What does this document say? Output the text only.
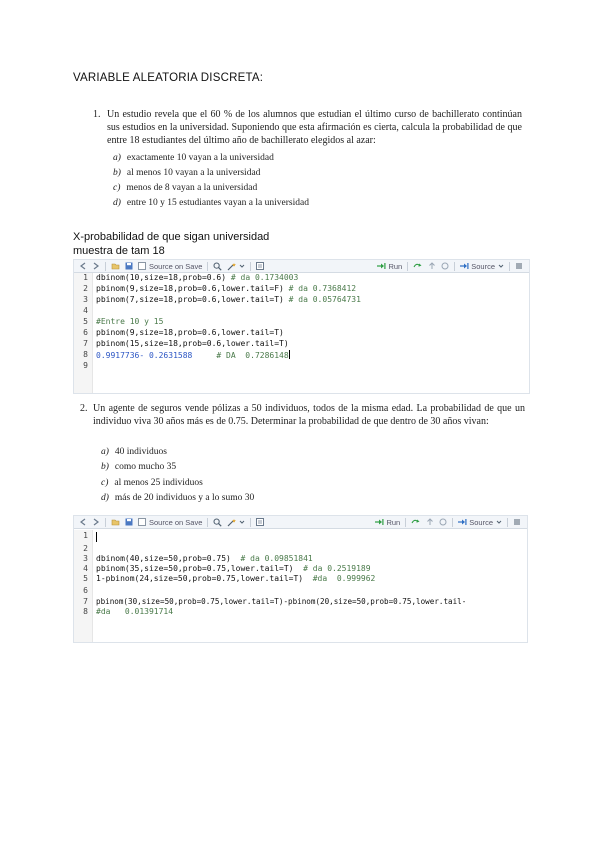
VARIABLE ALEATORIA DISCRETA:
1. Un estudio revela que el 60 % de los alumnos que estudian el último curso de bachillerato continúan sus estudios en la universidad. Suponiendo que esta afirmación es cierta, calcula la probabilidad de que entre 18 estudiantes del último año de bachillerato elegidos al azar:
a) exactamente 10 vayan a la universidad
b) al menos 10 vayan a la universidad
c) menos de 8 vayan a la universidad
d) entre 10 y 15 estudiantes vayan a la universidad
X-probabilidad de que sigan universidad
muestra de tam 18
Source on Save	Run	Source
1
2
3
4
5
6
7
8
9
dbinom(10,size=18,prob=0.6) # da 0.1734003
pbinom(9,size=18,prob=0.6,lower.tail=F) # da 0.7368412
pbinom(7,size=18,prob=0.6,lower.tail=T) # da 0.05764731
#Entre 10 y 15
pbinom(9,size=18,prob=0.6,lower.tail=T)
pbinom(15,size=18,prob=0.6,lower.tail=T)
0.9917736- 0.2631588     # DA  0.7286148
2. Un agente de seguros vende pólizas a 50 individuos, todos de la misma edad. La probabilidad de que un individuo viva 30 años más es de 0.75. Determinar la probabilidad de que dentro de 30 años vivan:
a) 40 individuos
b) como mucho 35
c) al menos 25 individuos
d) más de 20 individuos y a lo sumo 30
Source on Save	Run	Source
1
2
3
4
5
6
7
8
dbinom(40,size=50,prob=0.75)  # da 0.09851841
pbinom(35,size=50,prob=0.75,lower.tail=T)  # da 0.2519189
1-pbinom(24,size=50,prob=0.75,lower.tail=T)  #da  0.999962
pbinom(30,size=50,prob=0.75,lower.tail=T)-pbinom(20,size=50,prob=0.75,lower.tail-
#da   0.01391714
